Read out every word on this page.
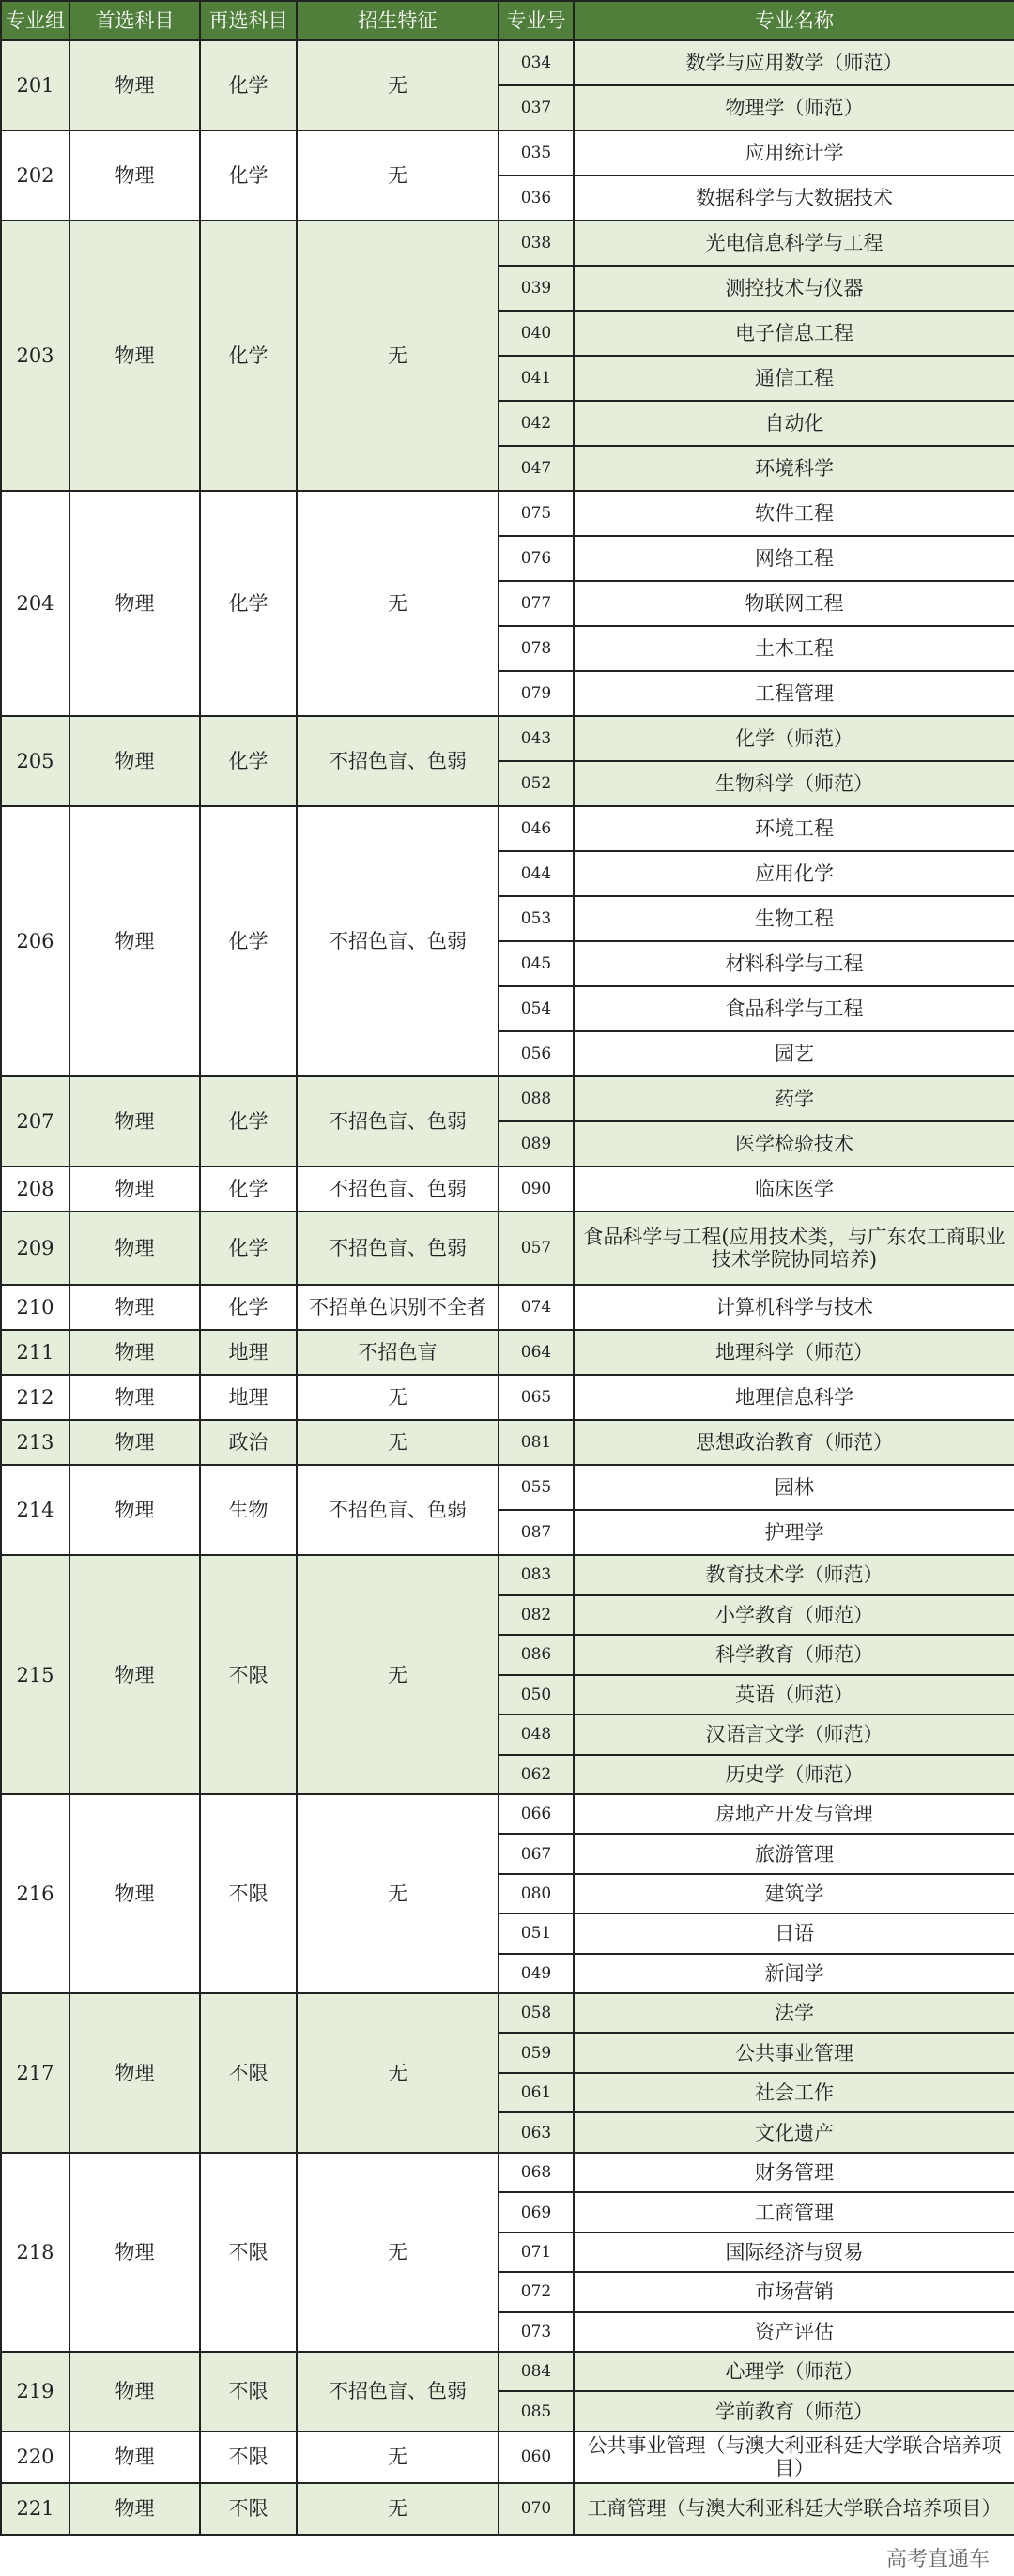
专业组	首选科目	再选科目	招生特征	专业号	专业名称
201	物理	化学	无	034	数学与应用数学（师范）
				037	物理学（师范）
202	物理	化学	无	035	应用统计学
				036	数据科学与大数据技术
203	物理	化学	无	038	光电信息科学与工程
				039	测控技术与仪器
				040	电子信息工程
				041	通信工程
				042	自动化
				047	环境科学
204	物理	化学	无	075	软件工程
				076	网络工程
				077	物联网工程
				078	土木工程
				079	工程管理
205	物理	化学	不招色盲、色弱	043	化学（师范）
				052	生物科学（师范）
206	物理	化学	不招色盲、色弱	046	环境工程
				044	应用化学
				053	生物工程
				045	材料科学与工程
				054	食品科学与工程
				056	园艺
207	物理	化学	不招色盲、色弱	088	药学
				089	医学检验技术
208	物理	化学	不招色盲、色弱	090	临床医学
209	物理	化学	不招色盲、色弱	057	食品科学与工程(应用技术类，与广东农工商职业技术学院协同培养)
210	物理	化学	不招单色识别不全者	074	计算机科学与技术
211	物理	地理	不招色盲	064	地理科学（师范）
212	物理	地理	无	065	地理信息科学
213	物理	政治	无	081	思想政治教育（师范）
214	物理	生物	不招色盲、色弱	055	园林
				087	护理学
215	物理	不限	无	083	教育技术学（师范）
				082	小学教育（师范）
				086	科学教育（师范）
				050	英语（师范）
				048	汉语言文学（师范）
				062	历史学（师范）
216	物理	不限	无	066	房地产开发与管理
				067	旅游管理
				080	建筑学
				051	日语
				049	新闻学
217	物理	不限	无	058	法学
				059	公共事业管理
				061	社会工作
				063	文化遗产
218	物理	不限	无	068	财务管理
				069	工商管理
				071	国际经济与贸易
				072	市场营销
				073	资产评估
219	物理	不限	不招色盲、色弱	084	心理学（师范）
				085	学前教育（师范）
220	物理	不限	无	060	公共事业管理（与澳大利亚科廷大学联合培养项目）
221	物理	不限	无	070	工商管理（与澳大利亚科廷大学联合培养项目）
高考直通车
